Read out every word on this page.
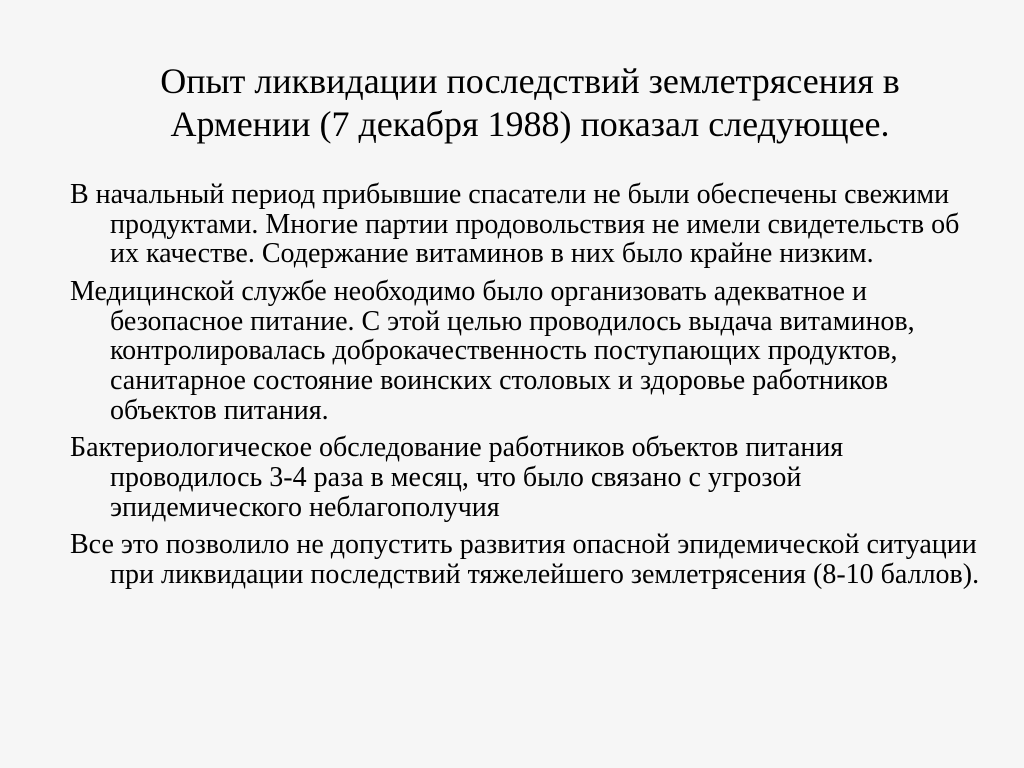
Опыт ликвидации последствий землетрясения в Армении (7 декабря 1988) показал следующее.
В начальный период прибывшие спасатели не были обеспечены свежими продуктами. Многие партии продовольствия не имели свидетельств об их качестве. Содержание витаминов в них было крайне низким.
Медицинской службе необходимо было организовать адекватное и безопасное питание. С этой целью проводилось выдача витаминов, контролировалась доброкачественность поступающих продуктов, санитарное состояние воинских столовых и здоровье работников объектов питания.
Бактериологическое обследование работников объектов питания проводилось 3-4 раза в месяц, что было связано с угрозой эпидемического неблагополучия
Все это позволило не допустить развития опасной эпидемической ситуации при ликвидации последствий тяжелейшего землетрясения (8-10 баллов).
